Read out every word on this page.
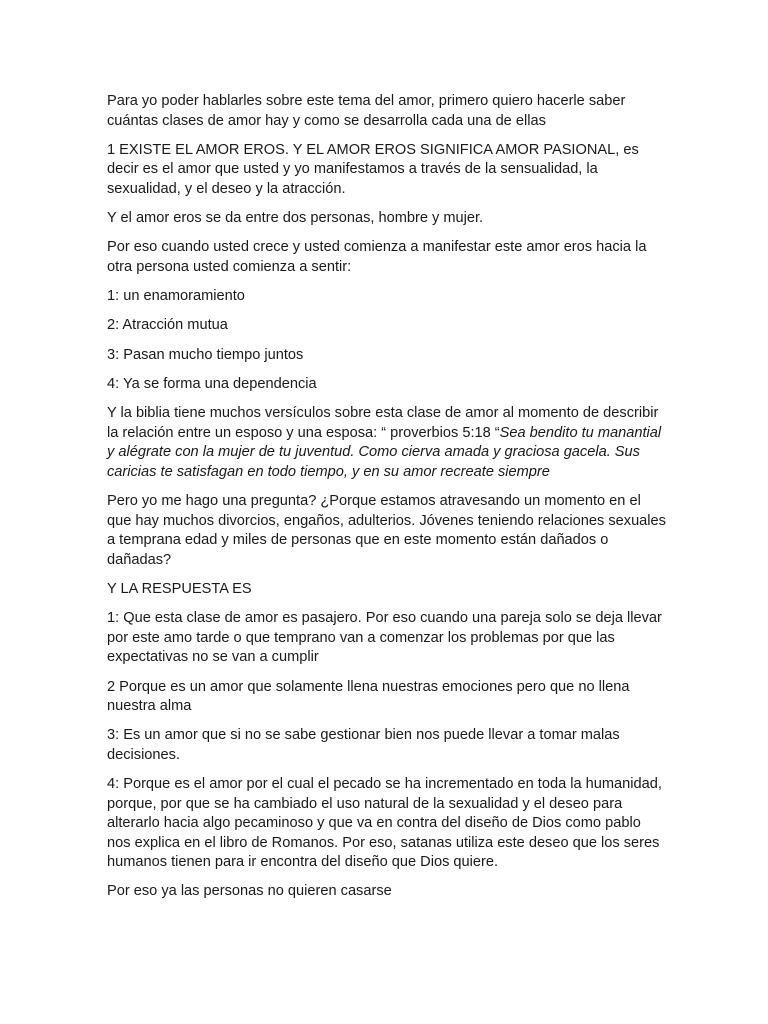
Para yo poder hablarles sobre este tema del amor, primero quiero hacerle saber cuántas clases de amor hay y como se desarrolla cada una de ellas

1 EXISTE EL AMOR EROS. Y EL AMOR EROS SIGNIFICA AMOR PASIONAL, es decir es el amor que usted y yo manifestamos a través de la sensualidad, la sexualidad, y el deseo y la atracción.

Y el amor eros se da entre dos personas, hombre y mujer.

Por eso cuando usted crece y usted comienza a manifestar este amor eros hacia la otra persona usted comienza a sentir:

1: un enamoramiento

2: Atracción mutua

3: Pasan mucho tiempo juntos

4: Ya se forma una dependencia

Y la biblia tiene muchos versículos sobre esta clase de amor al momento de describir la relación entre un esposo y una esposa: “ proverbios 5:18 “Sea bendito tu manantial y alégrate con la mujer de tu juventud. Como cierva amada y graciosa gacela. Sus caricias te satisfagan en todo tiempo, y en su amor recreate siempre

Pero yo me hago una pregunta? ¿Porque estamos atravesando un momento en el que hay muchos divorcios, engaños, adulterios. Jóvenes teniendo relaciones sexuales a temprana edad y miles de personas que en este momento están dañados o dañadas?

Y LA RESPUESTA ES

1: Que esta clase de amor es pasajero. Por eso cuando una pareja solo se deja llevar por este amo tarde o que temprano van a comenzar los problemas por que las expectativas no se van a cumplir

2 Porque es un amor que solamente llena nuestras emociones pero que no llena nuestra alma

3: Es un amor que si no se sabe gestionar bien nos puede llevar a tomar malas decisiones.

4: Porque es el amor por el cual el pecado se ha incrementado en toda la humanidad, porque, por que se ha cambiado el uso natural de la sexualidad y el deseo para alterarlo hacia algo pecaminoso y que va en contra del diseño de Dios como pablo nos explica en el libro de Romanos. Por eso, satanas utiliza este deseo que los seres humanos tienen para ir encontra del diseño que Dios quiere.

Por eso ya las personas no quieren casarse
